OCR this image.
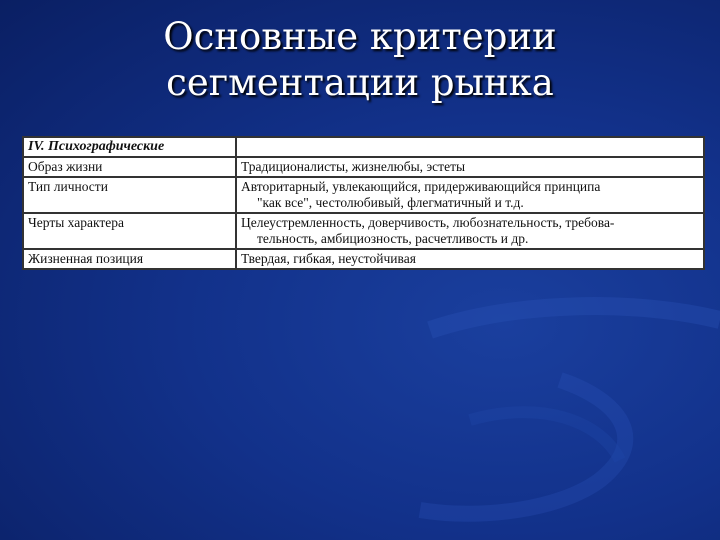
Основные критерии
сегментации рынка
IV. Психографические	
Образ жизни	Традиционалисты, жизнелюбы, эстеты
Тип личности	Авторитарный, увлекающийся, придерживающийся принципа
"как все", честолюбивый, флегматичный и т.д.

Черты характера	Целеустремленность, доверчивость, любознательность, требова-
тельность, амбициозность, расчетливость и др.

Жизненная позиция	Твердая, гибкая, неустойчивая
